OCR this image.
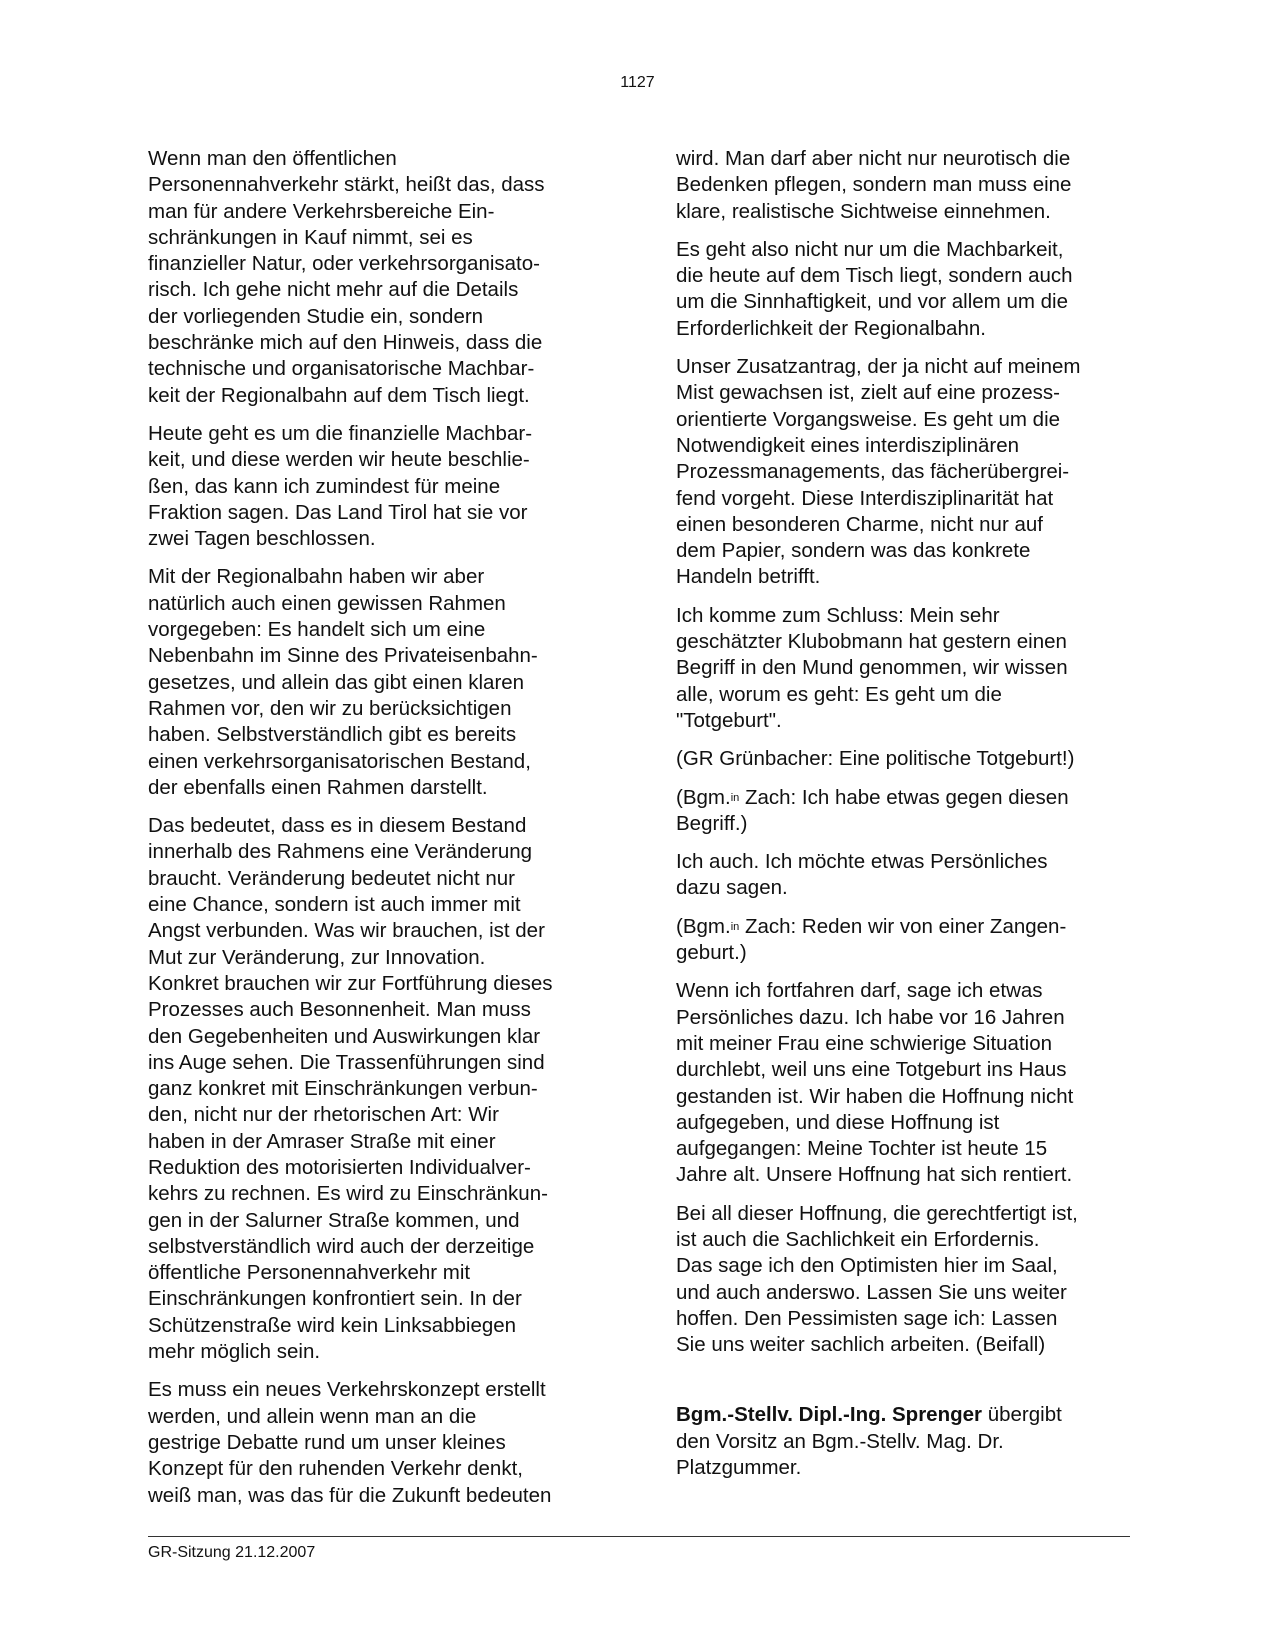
1127

Wenn man den öffentlichen
Personennahverkehr stärkt, heißt das, dass
man für andere Verkehrsbereiche Ein-
schränkungen in Kauf nimmt, sei es
finanzieller Natur, oder verkehrsorganisato-
risch. Ich gehe nicht mehr auf die Details
der vorliegenden Studie ein, sondern
beschränke mich auf den Hinweis, dass die
technische und organisatorische Machbar-
keit der Regionalbahn auf dem Tisch liegt.

Heute geht es um die finanzielle Machbar-
keit, und diese werden wir heute beschlie-
ßen, das kann ich zumindest für meine
Fraktion sagen. Das Land Tirol hat sie vor
zwei Tagen beschlossen.

Mit der Regionalbahn haben wir aber
natürlich auch einen gewissen Rahmen
vorgegeben: Es handelt sich um eine
Nebenbahn im Sinne des Privateisenbahn-
gesetzes, und allein das gibt einen klaren
Rahmen vor, den wir zu berücksichtigen
haben. Selbstverständlich gibt es bereits
einen verkehrsorganisatorischen Bestand,
der ebenfalls einen Rahmen darstellt.

Das bedeutet, dass es in diesem Bestand
innerhalb des Rahmens eine Veränderung
braucht. Veränderung bedeutet nicht nur
eine Chance, sondern ist auch immer mit
Angst verbunden. Was wir brauchen, ist der
Mut zur Veränderung, zur Innovation.
Konkret brauchen wir zur Fortführung dieses
Prozesses auch Besonnenheit. Man muss
den Gegebenheiten und Auswirkungen klar
ins Auge sehen. Die Trassenführungen sind
ganz konkret mit Einschränkungen verbun-
den, nicht nur der rhetorischen Art: Wir
haben in der Amraser Straße mit einer
Reduktion des motorisierten Individualver-
kehrs zu rechnen. Es wird zu Einschränkun-
gen in der Salurner Straße kommen, und
selbstverständlich wird auch der derzeitige
öffentliche Personennahverkehr mit
Einschränkungen konfrontiert sein. In der
Schützenstraße wird kein Linksabbiegen
mehr möglich sein.

Es muss ein neues Verkehrskonzept erstellt
werden, und allein wenn man an die
gestrige Debatte rund um unser kleines
Konzept für den ruhenden Verkehr denkt,
weiß man, was das für die Zukunft bedeuten

wird. Man darf aber nicht nur neurotisch die
Bedenken pflegen, sondern man muss eine
klare, realistische Sichtweise einnehmen.

Es geht also nicht nur um die Machbarkeit,
die heute auf dem Tisch liegt, sondern auch
um die Sinnhaftigkeit, und vor allem um die
Erforderlichkeit der Regionalbahn.

Unser Zusatzantrag, der ja nicht auf meinem
Mist gewachsen ist, zielt auf eine prozess-
orientierte Vorgangsweise. Es geht um die
Notwendigkeit eines interdisziplinären
Prozessmanagements, das fächerübergrei-
fend vorgeht. Diese Interdisziplinarität hat
einen besonderen Charme, nicht nur auf
dem Papier, sondern was das konkrete
Handeln betrifft.

Ich komme zum Schluss: Mein sehr
geschätzter Klubobmann hat gestern einen
Begriff in den Mund genommen, wir wissen
alle, worum es geht: Es geht um die
"Totgeburt".

(GR Grünbacher: Eine politische Totgeburt!)

(Bgm.$^{in}$ Zach: Ich habe etwas gegen diesen
Begriff.)

Ich auch. Ich möchte etwas Persönliches
dazu sagen.

(Bgm.$^{in}$ Zach: Reden wir von einer Zangen-
geburt.)

Wenn ich fortfahren darf, sage ich etwas
Persönliches dazu. Ich habe vor 16 Jahren
mit meiner Frau eine schwierige Situation
durchlebt, weil uns eine Totgeburt ins Haus
gestanden ist. Wir haben die Hoffnung nicht
aufgegeben, und diese Hoffnung ist
aufgegangen: Meine Tochter ist heute 15
Jahre alt. Unsere Hoffnung hat sich rentiert.

Bei all dieser Hoffnung, die gerechtfertigt ist,
ist auch die Sachlichkeit ein Erfordernis.
Das sage ich den Optimisten hier im Saal,
und auch anderswo. Lassen Sie uns weiter
hoffen. Den Pessimisten sage ich: Lassen
Sie uns weiter sachlich arbeiten. (Beifall)

Bgm.-Stellv. Dipl.-Ing. Sprenger übergibt
den Vorsitz an Bgm.-Stellv. Mag. Dr.
Platzgummer.

GR-Sitzung 21.12.2007
